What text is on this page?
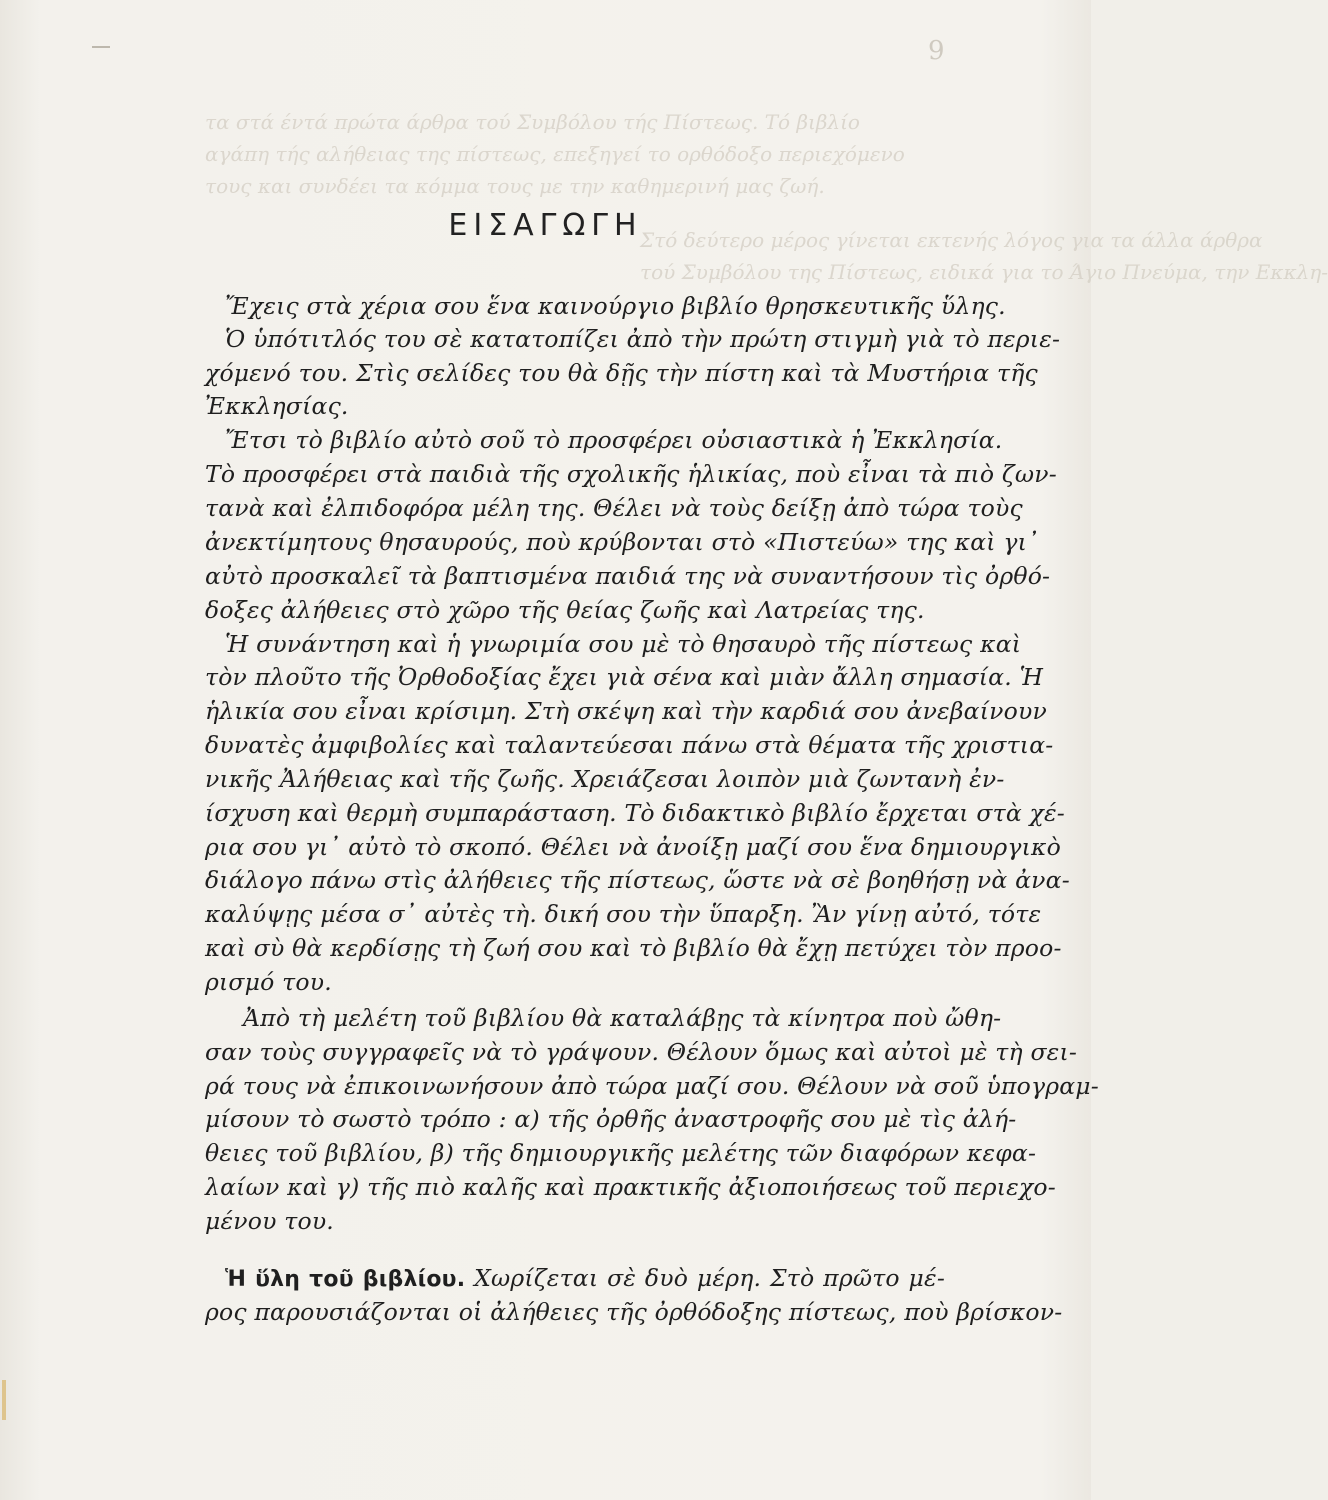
9
τα στά έντά πρώτα άρθρα τού Συμβόλου τής Πίστεως. Τό βιβλίο
αγάπη τής αλήθειας της πίστεως, επεξηγεί το ορθόδοξο περιεχόμενο
τους και συνδέει τα κόμμα τους με την καθημερινή μας ζωή.
Στό δεύτερο μέρος γίνεται εκτενής λόγος για τα άλλα άρθρα
τού Συμβόλου της Πίστεως, ειδικά για το Άγιο Πνεύμα, την Εκκλη-
ΕΙΣΑΓΩΓΗ
Ἔχεις στὰ χέρια σου ἕνα καινούργιο βιβλίο θρησκευτικῆς ὕλης.
Ὁ ὑπότιτλός του σὲ κατατοπίζει ἀπὸ τὴν πρώτη στιγμὴ γιὰ τὸ περιε-
χόμενό του. Στὶς σελίδες του θὰ δῇς τὴν πίστη καὶ τὰ Μυστήρια τῆς
Ἐκκλησίας.
Ἔτσι τὸ βιβλίο αὐτὸ σοῦ τὸ προσφέρει οὐσιαστικὰ ἡ Ἐκκλησία.
Τὸ προσφέρει στὰ παιδιὰ τῆς σχολικῆς ἡλικίας, ποὺ εἶναι τὰ πιὸ ζων-
τανὰ καὶ ἐλπιδοφόρα μέλη της. Θέλει νὰ τοὺς δείξῃ ἀπὸ τώρα τοὺς
ἀνεκτίμητους θησαυρούς, ποὺ κρύβονται στὸ «Πιστεύω» της καὶ γι᾿
αὐτὸ προσκαλεῖ τὰ βαπτισμένα παιδιά της νὰ συναντήσουν τὶς ὀρθό-
δοξες ἀλήθειες στὸ χῶρο τῆς θείας ζωῆς καὶ Λατρείας της.
Ἡ συνάντηση καὶ ἡ γνωριμία σου μὲ τὸ θησαυρὸ τῆς πίστεως καὶ
τὸν πλοῦτο τῆς Ὀρθοδοξίας ἔχει γιὰ σένα καὶ μιὰν ἄλλη σημασία. Ἡ
ἡλικία σου εἶναι κρίσιμη. Στὴ σκέψη καὶ τὴν καρδιά σου ἀνεβαίνουν
δυνατὲς ἀμφιβολίες καὶ ταλαντεύεσαι πάνω στὰ θέματα τῆς χριστια-
νικῆς Ἀλήθειας καὶ τῆς ζωῆς. Χρειάζεσαι λοιπὸν μιὰ ζωντανὴ ἐν-
ίσχυση καὶ θερμὴ συμπαράσταση. Τὸ διδακτικὸ βιβλίο ἔρχεται στὰ χέ-
ρια σου γι᾿ αὐτὸ τὸ σκοπό. Θέλει νὰ ἀνοίξῃ μαζί σου ἕνα δημιουργικὸ
διάλογο πάνω στὶς ἀλήθειες τῆς πίστεως, ὥστε νὰ σὲ βοηθήσῃ νὰ ἀνα-
καλύψῃς μέσα σ᾿ αὐτὲς τὴ. δική σου τὴν ὕπαρξη. Ἂν γίνῃ αὐτό, τότε
καὶ σὺ θὰ κερδίσῃς τὴ ζωή σου καὶ τὸ βιβλίο θὰ ἔχῃ πετύχει τὸν προο-
ρισμό του.
Ἀπὸ τὴ μελέτη τοῦ βιβλίου θὰ καταλάβῃς τὰ κίνητρα ποὺ ὤθη-
σαν τοὺς συγγραφεῖς νὰ τὸ γράψουν. Θέλουν ὅμως καὶ αὐτοὶ μὲ τὴ σει-
ρά τους νὰ ἐπικοινωνήσουν ἀπὸ τώρα μαζί σου. Θέλουν νὰ σοῦ ὑπογραμ-
μίσουν τὸ σωστὸ τρόπο : α) τῆς ὀρθῆς ἀναστροφῆς σου μὲ τὶς ἀλή-
θειες τοῦ βιβλίου, β) τῆς δημιουργικῆς μελέτης τῶν διαφόρων κεφα-
λαίων καὶ γ) τῆς πιὸ καλῆς καὶ πρακτικῆς ἀξιοποιήσεως τοῦ περιεχο-
μένου του.
Ἡ ὕλη τοῦ βιβλίου. Χωρίζεται σὲ δυὸ μέρη. Στὸ πρῶτο μέ-
ρος παρουσιάζονται οἱ ἀλήθειες τῆς ὀρθόδοξης πίστεως, ποὺ βρίσκον-
